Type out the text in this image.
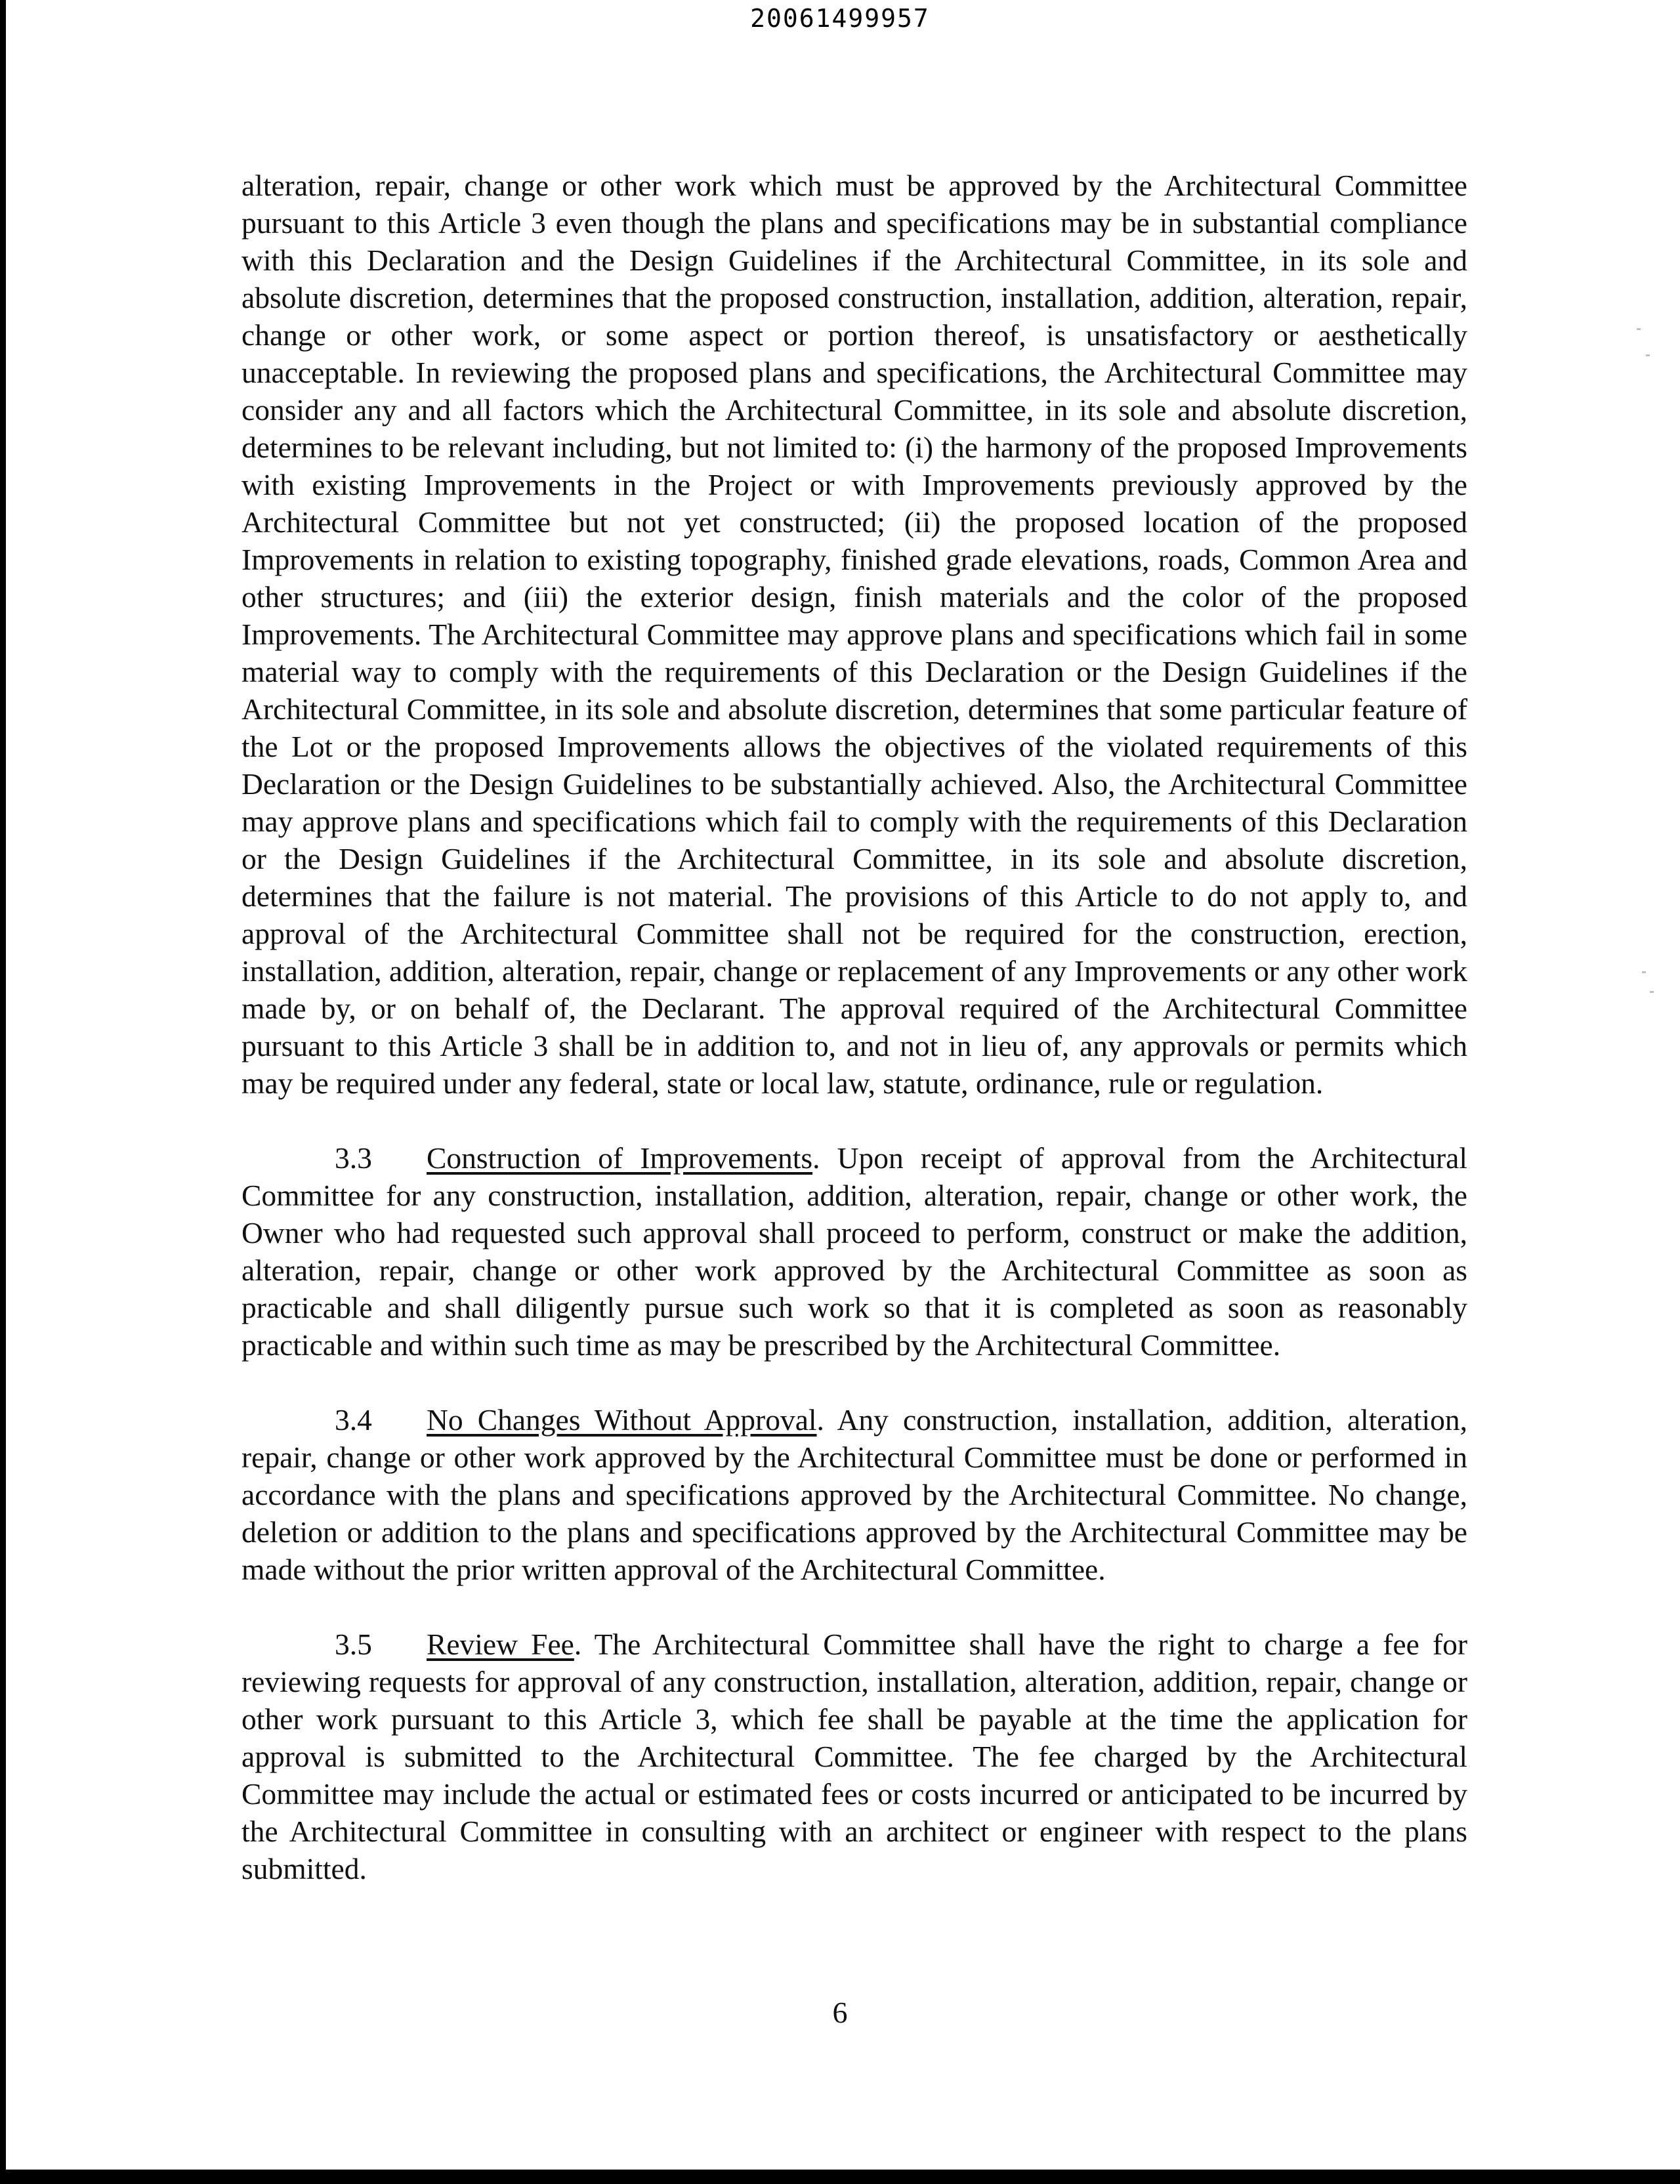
20061499957

alteration, repair, change or other work which must be approved by the Architectural Committee pursuant to this Article 3 even though the plans and specifications may be in substantial compliance with this Declaration and the Design Guidelines if the Architectural Committee, in its sole and absolute discretion, determines that the proposed construction, installation, addition, alteration, repair, change or other work, or some aspect or portion thereof, is unsatisfactory or aesthetically unacceptable. In reviewing the proposed plans and specifications, the Architectural Committee may consider any and all factors which the Architectural Committee, in its sole and absolute discretion, determines to be relevant including, but not limited to: (i) the harmony of the proposed Improvements with existing Improvements in the Project or with Improvements previously approved by the Architectural Committee but not yet constructed; (ii) the proposed location of the proposed Improvements in relation to existing topography, finished grade elevations, roads, Common Area and other structures; and (iii) the exterior design, finish materials and the color of the proposed Improvements. The Architectural Committee may approve plans and specifications which fail in some material way to comply with the requirements of this Declaration or the Design Guidelines if the Architectural Committee, in its sole and absolute discretion, determines that some particular feature of the Lot or the proposed Improvements allows the objectives of the violated requirements of this Declaration or the Design Guidelines to be substantially achieved. Also, the Architectural Committee may approve plans and specifications which fail to comply with the requirements of this Declaration or the Design Guidelines if the Architectural Committee, in its sole and absolute discretion, determines that the failure is not material. The provisions of this Article to do not apply to, and approval of the Architectural Committee shall not be required for the construction, erection, installation, addition, alteration, repair, change or replacement of any Improvements or any other work made by, or on behalf of, the Declarant. The approval required of the Architectural Committee pursuant to this Article 3 shall be in addition to, and not in lieu of, any approvals or permits which may be required under any federal, state or local law, statute, ordinance, rule or regulation.

3.3 Construction of Improvements. Upon receipt of approval from the Architectural Committee for any construction, installation, addition, alteration, repair, change or other work, the Owner who had requested such approval shall proceed to perform, construct or make the addition, alteration, repair, change or other work approved by the Architectural Committee as soon as practicable and shall diligently pursue such work so that it is completed as soon as reasonably practicable and within such time as may be prescribed by the Architectural Committee.

3.4 No Changes Without Approval. Any construction, installation, addition, alteration, repair, change or other work approved by the Architectural Committee must be done or performed in accordance with the plans and specifications approved by the Architectural Committee. No change, deletion or addition to the plans and specifications approved by the Architectural Committee may be made without the prior written approval of the Architectural Committee.

3.5 Review Fee. The Architectural Committee shall have the right to charge a fee for reviewing requests for approval of any construction, installation, alteration, addition, repair, change or other work pursuant to this Article 3, which fee shall be payable at the time the application for approval is submitted to the Architectural Committee. The fee charged by the Architectural Committee may include the actual or estimated fees or costs incurred or anticipated to be incurred by the Architectural Committee in consulting with an architect or engineer with respect to the plans submitted.

6
